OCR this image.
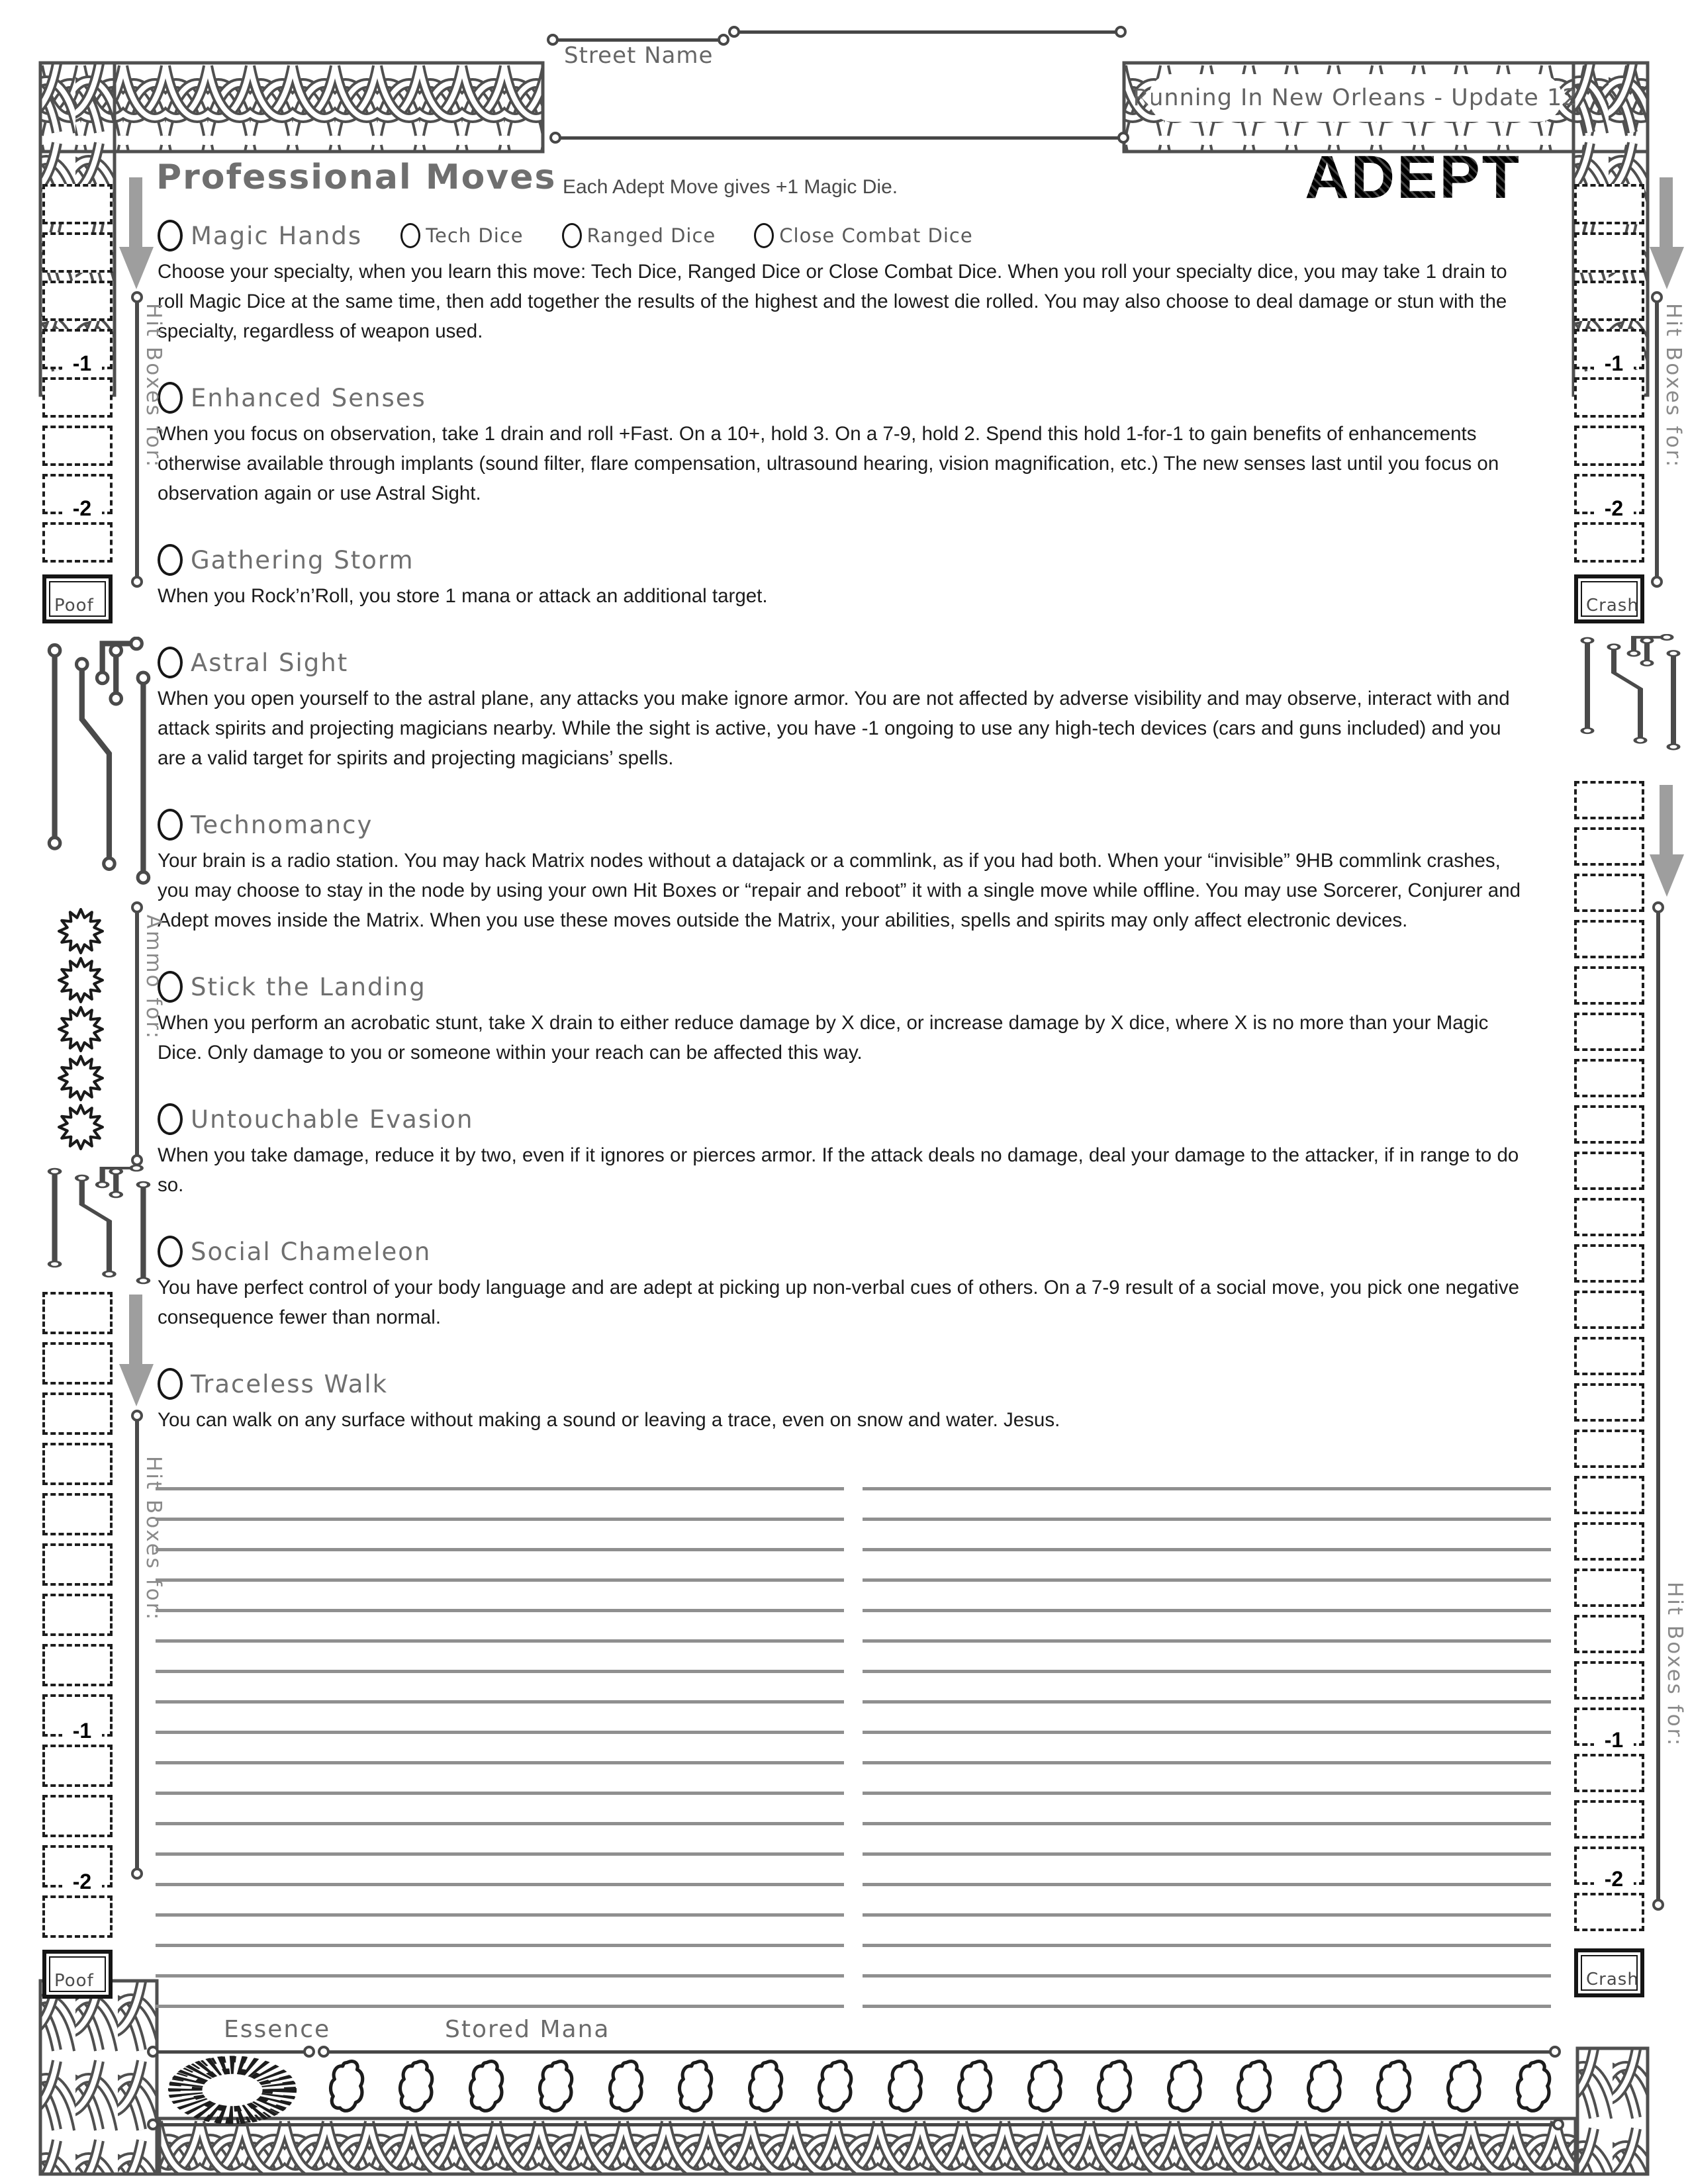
Running In New Orleans - Update 12
Street Name
Professional Moves Each Adept Move gives +1 Magic Die.	ADEPT
Magic Hands	Tech Dice	Ranged Dice	Close Combat Dice
Choose your specialty, when you learn this move: Tech Dice, Ranged Dice or Close Combat Dice. When you roll your specialty dice, you may take 1 drain to roll Magic Dice at the same time, then add together the results of the highest and the lowest die rolled. You may also choose to deal damage or stun with the specialty, regardless of weapon used.
Enhanced Senses
When you focus on observation, take 1 drain and roll +Fast. On a 10+, hold 3. On a 7-9, hold 2. Spend this hold 1-for-1 to gain benefits of enhancements otherwise available through implants (sound filter, flare compensation, ultrasound hearing, vision magnification, etc.) The new senses last until you focus on observation again or use Astral Sight.
Gathering Storm
When you Rock’n’Roll, you store 1 mana or attack an additional target.
Astral Sight
When you open yourself to the astral plane, any attacks you make ignore armor. You are not affected by adverse visibility and may observe, interact with and attack spirits and projecting magicians nearby. While the sight is active, you have -1 ongoing to use any high-tech devices (cars and guns included) and you are a valid target for spirits and projecting magicians’ spells.
Technomancy
Your brain is a radio station. You may hack Matrix nodes without a datajack or a commlink, as if you had both. When your “invisible” 9HB commlink crashes, you may choose to stay in the node by using your own Hit Boxes or “repair and reboot” it with a single move while offline. You may use Sorcerer, Conjurer and Adept moves inside the Matrix. When you use these moves outside the Matrix, your abilities, spells and spirits may only affect electronic devices.
Stick the Landing
When you perform an acrobatic stunt, take X drain to either reduce damage by X dice, or increase damage by X dice, where X is no more than your Magic Dice. Only damage to you or someone within your reach can be affected this way.
Untouchable Evasion
When you take damage, reduce it by two, even if it ignores or pierces armor. If the attack deals no damage, deal your damage to the attacker, if in range to do so.
Social Chameleon
You have perfect control of your body language and are adept at picking up non-verbal cues of others. On a 7-9 result of a social move, you pick one negative consequence fewer than normal.
Traceless Walk
You can walk on any surface without making a sound or leaving a trace, even on snow and water. Jesus.
Hit Boxes for:
Ammo for:
Hit Boxes for:
Hit Boxes for:
Hit Boxes for:
-1
-2
Poof
-1
-2
Crash
-1
-2
Poof
-1
-2
Crash
Essence	Stored Mana
